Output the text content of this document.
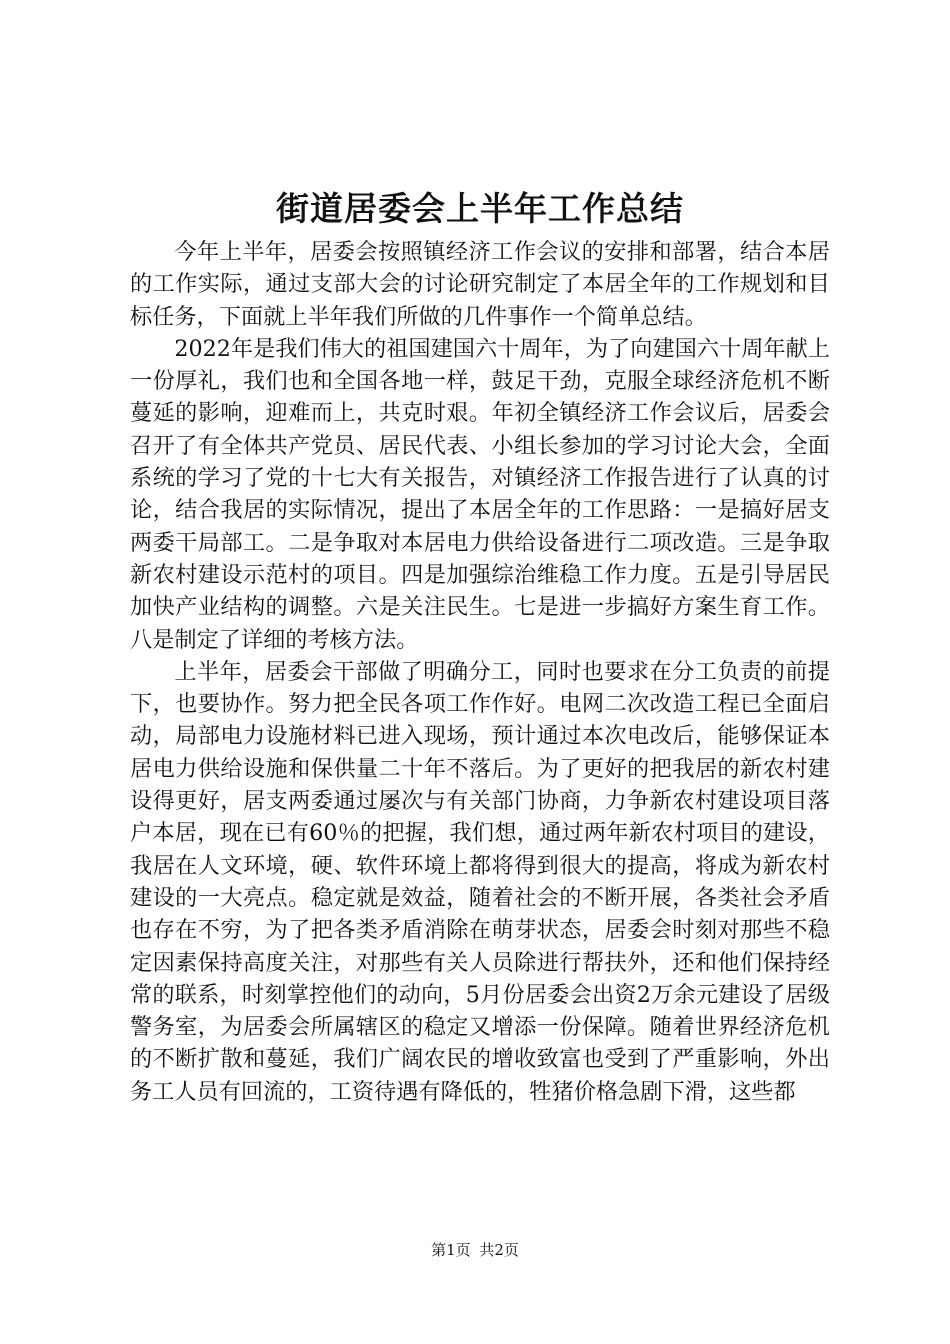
街道居委会上半年工作总结

今年上半年，居委会按照镇经济工作会议的安排和部署，结合本居的工作实际，通过支部大会的讨论研究制定了本居全年的工作规划和目标任务，下面就上半年我们所做的几件事作一个简单总结。

2022年是我们伟大的祖国建国六十周年，为了向建国六十周年献上一份厚礼，我们也和全国各地一样，鼓足干劲，克服全球经济危机不断蔓延的影响，迎难而上，共克时艰。年初全镇经济工作会议后，居委会召开了有全体共产党员、居民代表、小组长参加的学习讨论大会，全面系统的学习了党的十七大有关报告，对镇经济工作报告进行了认真的讨论，结合我居的实际情况，提出了本居全年的工作思路：一是搞好居支两委干局部工。二是争取对本居电力供给设备进行二项改造。三是争取新农村建设示范村的项目。四是加强综治维稳工作力度。五是引导居民加快产业结构的调整。六是关注民生。七是进一步搞好方案生育工作。八是制定了详细的考核方法。

上半年，居委会干部做了明确分工，同时也要求在分工负责的前提下，也要协作。努力把全民各项工作作好。电网二次改造工程已全面启动，局部电力设施材料已进入现场，预计通过本次电改后，能够保证本居电力供给设施和保供量二十年不落后。为了更好的把我居的新农村建设得更好，居支两委通过屡次与有关部门协商，力争新农村建设项目落户本居，现在已有60％的把握，我们想，通过两年新农村项目的建设，我居在人文环境，硬、软件环境上都将得到很大的提高，将成为新农村建设的一大亮点。稳定就是效益，随着社会的不断开展，各类社会矛盾也存在不穷，为了把各类矛盾消除在萌芽状态，居委会时刻对那些不稳定因素保持高度关注，对那些有关人员除进行帮扶外，还和他们保持经常的联系，时刻掌控他们的动向，5月份居委会出资2万余元建设了居级警务室，为居委会所属辖区的稳定又增添一份保障。随着世界经济危机的不断扩散和蔓延，我们广阔农民的增收致富也受到了严重影响，外出务工人员有回流的，工资待遇有降低的，牲猪价格急剧下滑，这些都

第1页 共2页
